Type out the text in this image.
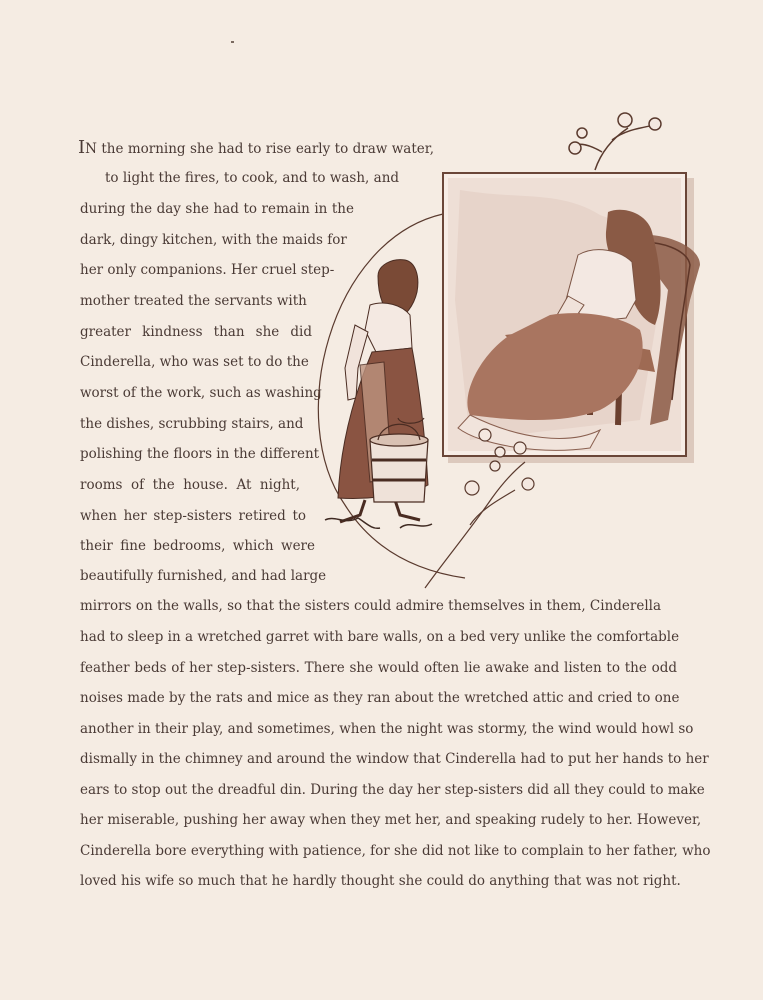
IN the morning she had to rise early to draw water,
to light the fires, to cook, and to wash, and
during the day she had to remain in the
dark, dingy kitchen, with the maids for
her only companions. Her cruel step-
mother treated the servants with
greater kindness than she did
Cinderella, who was set to do the
worst of the work, such as washing
the dishes, scrubbing stairs, and
polishing the floors in the different
rooms of the house. At night,
when her step-sisters retired to
their fine bedrooms, which were
beautifully furnished, and had large
mirrors on the walls, so that the sisters could admire themselves in them, Cinderella
had to sleep in a wretched garret with bare walls, on a bed very unlike the comfortable
feather beds of her step-sisters. There she would often lie awake and listen to the odd
noises made by the rats and mice as they ran about the wretched attic and cried to one
another in their play, and sometimes, when the night was stormy, the wind would howl so
dismally in the chimney and around the window that Cinderella had to put her hands to her
ears to stop out the dreadful din. During the day her step-sisters did all they could to make
her miserable, pushing her away when they met her, and speaking rudely to her. However,
Cinderella bore everything with patience, for she did not like to complain to her father, who
loved his wife so much that he hardly thought she could do anything that was not right.
